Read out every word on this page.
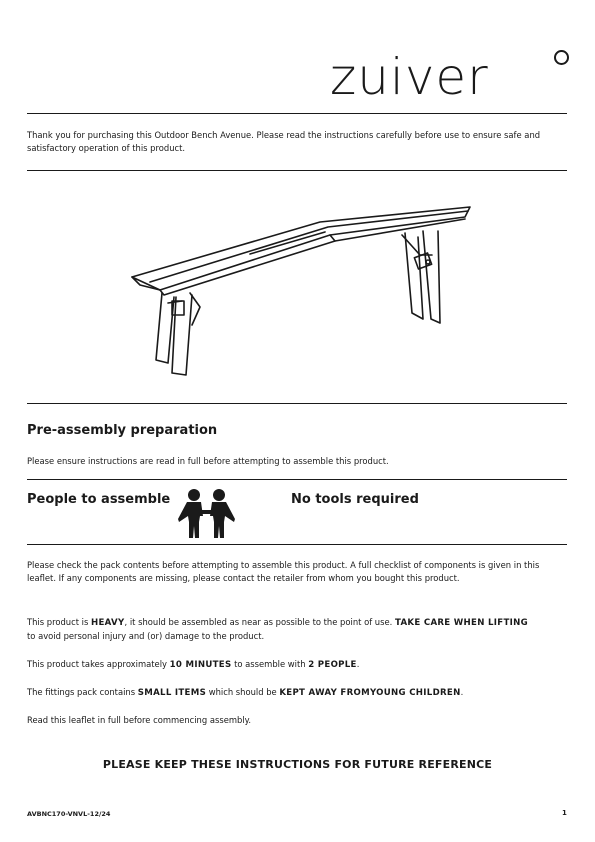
zuiver
Thank you for purchasing this Outdoor Bench Avenue. Please read the instructions carefully before use to ensure safe and satisfactory operation of this product.
Pre-assembly preparation
Please ensure instructions are read in full before attempting to assemble this product.
People to assemble	No tools required
Please check the pack contents before attempting to assemble this product. A full checklist of components is given in this leaflet. If any components are missing, please contact the retailer from whom you bought this product.
This product is HEAVY, it should be assembled as near as possible to the point of use. TAKE CARE WHEN LIFTING to avoid personal injury and (or) damage to the product.
This product takes approximately 10 MINUTES to assemble with 2 PEOPLE.
The fittings pack contains SMALL ITEMS which should be KEPT AWAY FROMYOUNG CHILDREN.
Read this leaflet in full before commencing assembly.
PLEASE KEEP THESE INSTRUCTIONS FOR FUTURE REFERENCE
AVBNC170-VNVL-12/24	1
